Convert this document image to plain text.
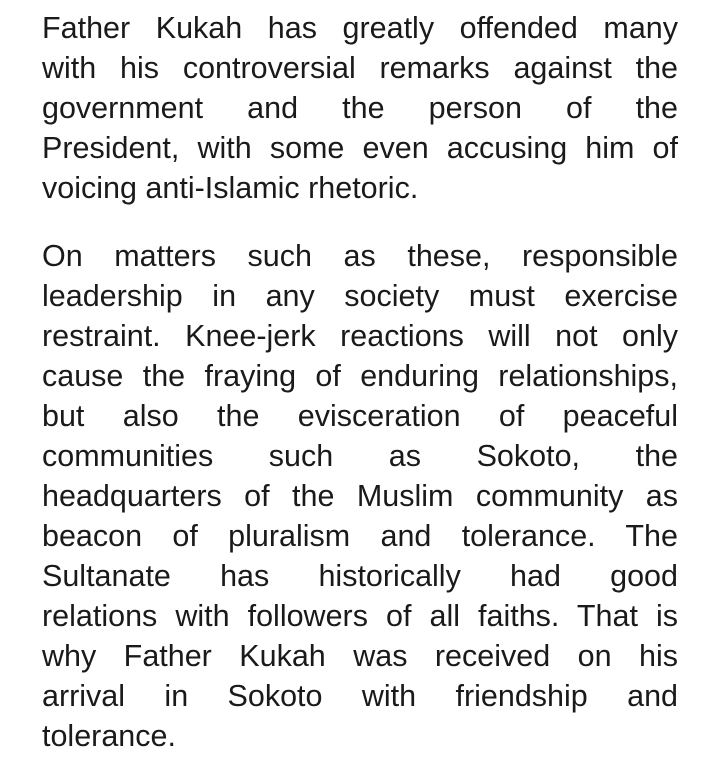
Father Kukah has greatly offended many
with his controversial remarks against the
government and the person of the
President, with some even accusing him of
voicing anti-Islamic rhetoric.
On matters such as these, responsible
leadership in any society must exercise
restraint. Knee-jerk reactions will not only
cause the fraying of enduring relationships,
but also the evisceration of peaceful
communities such as Sokoto, the
headquarters of the Muslim community as
beacon of pluralism and tolerance. The
Sultanate has historically had good
relations with followers of all faiths. That is
why Father Kukah was received on his
arrival in Sokoto with friendship and
tolerance.
